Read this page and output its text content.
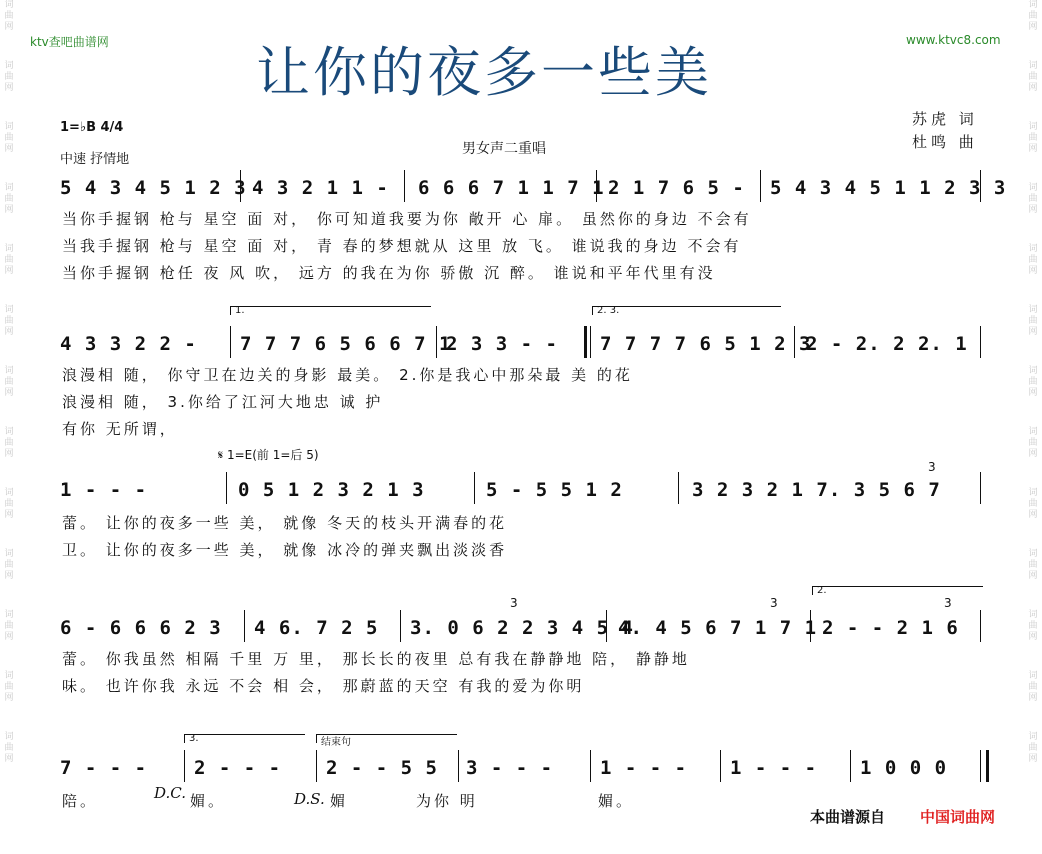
词
曲
网
词
曲
网
词
曲
网
词
曲
网
词
曲
网
词
曲
网
词
曲
网
词
曲
网
词
曲
网
词
曲
网
词
曲
网
词
曲
网
词
曲
网
词
曲
网
词
曲
网
词
曲
网
词
曲
网
词
曲
网
词
曲
网
词
曲
网
词
曲
网
词
曲
网
词
曲
网
词
曲
网
词
曲
网
词
曲
网
ktv查吧曲谱网	www.ktvc8.com
让你的夜多一些美
1=♭B 4/4
中速 抒情地
男女声二重唱
苏虎 词
杜鸣 曲
5 4 3 4 5 1 2 3 4 3 2 1 1 - 6 6 6 7 1 1 7 1 2 1 7 6 5 - 5 4 3 4 5 1 1 2 3 3
当你手握钢 枪与 星空 面 对， 你可知道我要为你 敞开 心 扉。 虽然你的身边 不会有
当我手握钢 枪与 星空 面 对， 青 春的梦想就从 这里 放 飞。 谁说我的身边 不会有
当你手握钢 枪任 夜 风 吹， 远方 的我在为你 骄傲 沉 醉。 谁说和平年代里有没
1.	2. 3.
4 3 3 2 2 - 7 7 7 6 5 6 6 7 1
2 3 3 - - 7 7 7 7 6 5 1 2 3
2 - 2. 2 2. 1
浪漫相 随， 你守卫在边关的身影 最美。 2.你是我心中那朵最 美 的花
浪漫相 随， 3.你给了江河大地忠 诚 护
有你 无所谓，
𝄋 1=E(前 1=后 5)
3
1 - - -	0 5 1 2 3 2 1 3	5 - 5 5 1 2	3 2 3 2 1 7. 3 5 6 7
蕾。 让你的夜多一些 美， 就像 冬天的枝头开满春的花
卫。 让你的夜多一些 美， 就像 冰冷的弹夹飘出淡淡香
2.
3	3	3
6 - 6 6 6 2 3 4 6. 7 2 5 3. 0 6 2 2 3 4 5 4
4. 4 5 6 7 1 7 1 2 - - 2 1 6
蕾。 你我虽然 相隔 千里 万 里， 那长长的夜里 总有我在静静地 陪， 静静地
味。 也许你我 永远 不会 相 会， 那蔚蓝的天空 有我的爱为你明
3.	结束句
7 - - - 2 - - - 2 - - 5 5 3 - - - 1 - - - 1 - - - 1 0 0 0
陪。	D.C. 媚。	D.S. 媚	为你 明	媚。
本曲谱源自 中国词曲网
